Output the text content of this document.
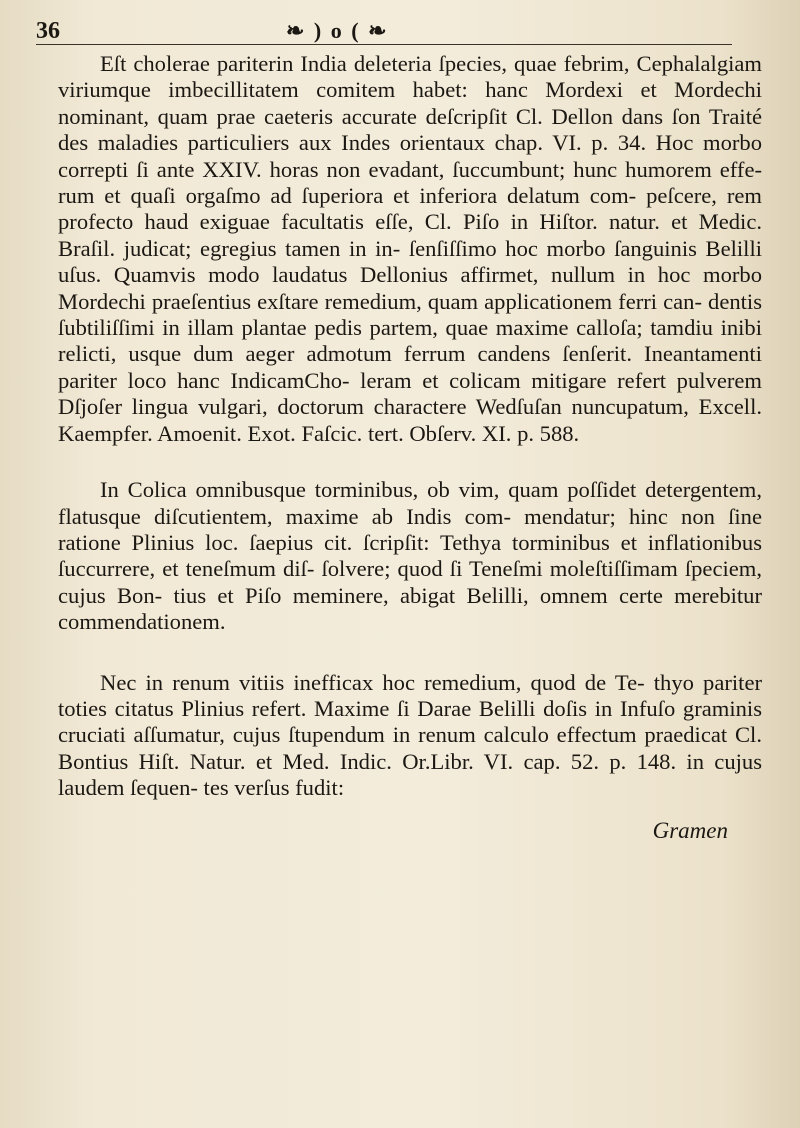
36	❧ ) o ( ❧

Eſt cholerae pariterin India deleteria ſpecies, quae febrim, Cephalalgiam viriumque imbecillitatem comitem habet: hanc Mordexi et Mordechi nominant, quam prae caeteris accurate deſcripſit Cl. Dellon dans ſon Traité des maladies particuliers aux Indes orientaux chap. VI. p. 34. Hoc morbo correpti ſi ante XXIV. horas non evadant, ſuccumbunt; hunc humorem effe- rum et quaſi orgaſmo ad ſuperiora et inferiora delatum com- peſcere, rem profecto haud exiguae facultatis eſſe, Cl. Piſo in Hiſtor. natur. et Medic. Braſil. judicat; egregius tamen in in- ſenſiſſimo hoc morbo ſanguinis Belilli uſus. Quamvis modo laudatus Dellonius affirmet, nullum in hoc morbo Mordechi praeſentius exſtare remedium, quam applicationem ferri can- dentis ſubtiliſſimi in illam plantae pedis partem, quae maxime calloſa; tamdiu inibi relicti, usque dum aeger admotum ferrum candens ſenſerit. Ineantamenti pariter loco hanc IndicamCho- leram et colicam mitigare refert pulverem Dſjoſer lingua vulgari, doctorum charactere Wedſuſan nuncupatum, Excell. Kaempfer. Amoenit. Exot. Faſcic. tert. Obſerv. XI. p. 588.

In Colica omnibusque torminibus, ob vim, quam poſſidet detergentem, flatusque diſcutientem, maxime ab Indis com- mendatur; hinc non ſine ratione Plinius loc. ſaepius cit. ſcripſit: Tethya torminibus et inflationibus ſuccurrere, et teneſmum diſ- ſolvere; quod ſi Teneſmi moleſtiſſimam ſpeciem, cujus Bon- tius et Piſo meminere, abigat Belilli, omnem certe merebitur commendationem.

Nec in renum vitiis inefficax hoc remedium, quod de Te- thyo pariter toties citatus Plinius refert. Maxime ſi Darae Belilli doſis in Infuſo graminis cruciati aſſumatur, cujus ſtupendum in renum calculo effectum praedicat Cl. Bontius Hiſt. Natur. et Med. Indic. Or.Libr. VI. cap. 52. p. 148. in cujus laudem ſequen- tes verſus fudit:

Gramen
